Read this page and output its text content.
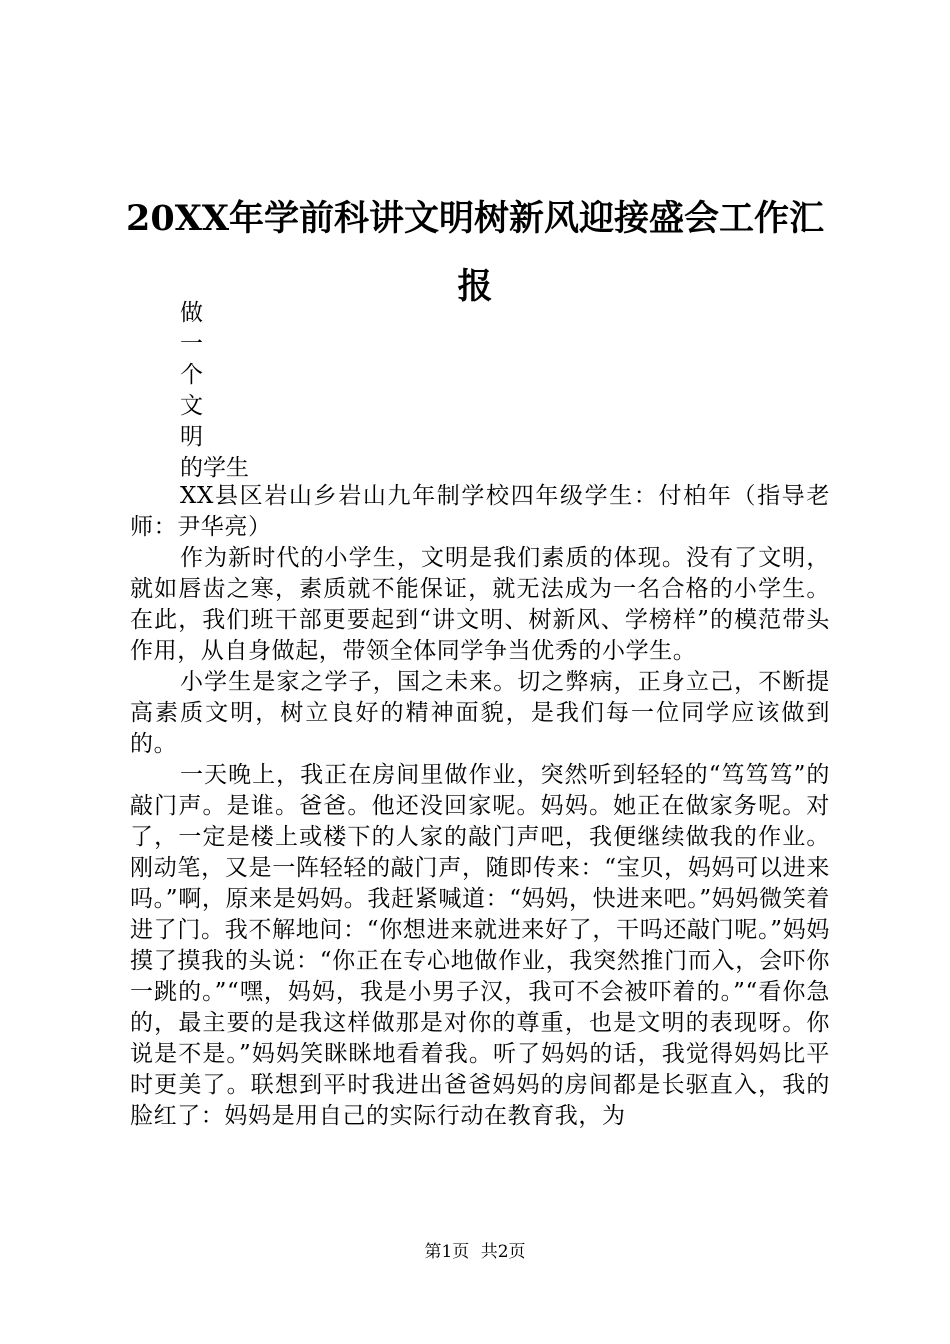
20XX年学前科讲文明树新风迎接盛会工作汇报
做
一
个
文
明
的学生

XX县区岩山乡岩山九年制学校四年级学生：付柏年（指导老师：尹华亮）

作为新时代的小学生，文明是我们素质的体现。没有了文明，就如唇齿之寒，素质就不能保证，就无法成为一名合格的小学生。在此，我们班干部更要起到“讲文明、树新风、学榜样”的模范带头作用，从自身做起，带领全体同学争当优秀的小学生。

小学生是家之学子，国之未来。切之弊病，正身立己，不断提高素质文明，树立良好的精神面貌，是我们每一位同学应该做到的。

一天晚上，我正在房间里做作业，突然听到轻轻的“笃笃笃”的敲门声。是谁。爸爸。他还没回家呢。妈妈。她正在做家务呢。对了，一定是楼上或楼下的人家的敲门声吧，我便继续做我的作业。刚动笔，又是一阵轻轻的敲门声，随即传来：“宝贝，妈妈可以进来吗。”啊，原来是妈妈。我赶紧喊道：“妈妈，快进来吧。”妈妈微笑着进了门。我不解地问：“你想进来就进来好了，干吗还敲门呢。”妈妈摸了摸我的头说：“你正在专心地做作业，我突然推门而入，会吓你一跳的。”“嘿，妈妈，我是小男子汉，我可不会被吓着的。”“看你急的，最主要的是我这样做那是对你的尊重，也是文明的表现呀。你说是不是。”妈妈笑眯眯地看着我。听了妈妈的话，我觉得妈妈比平时更美了。联想到平时我进出爸爸妈妈的房间都是长驱直入，我的脸红了：妈妈是用自己的实际行动在教育我，为

第1页 共2页
